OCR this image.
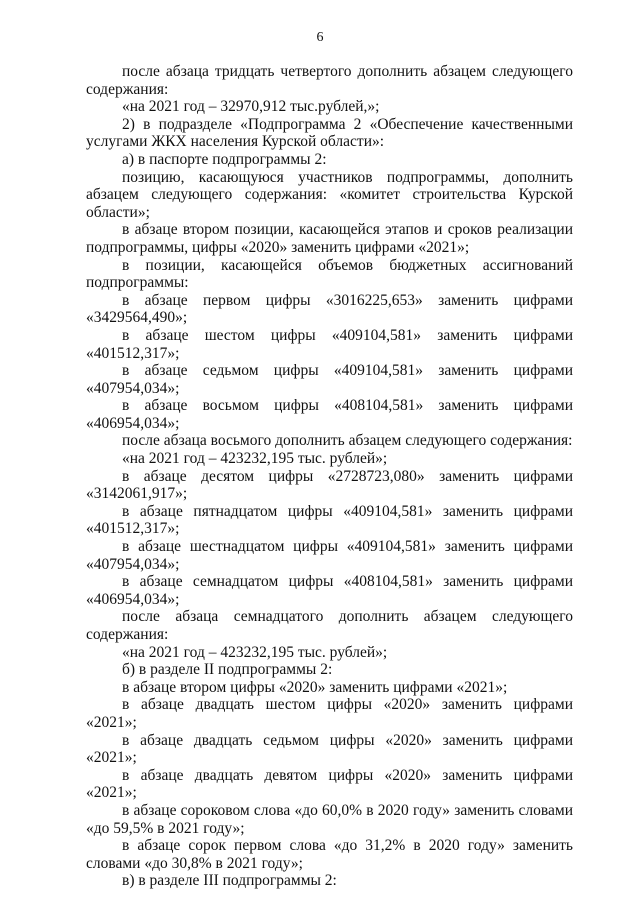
6

после абзаца тридцать четвертого дополнить абзацем следующего содержания:

«на 2021 год – 32970,912 тыс.рублей,»;

2) в подразделе «Подпрограмма 2 «Обеспечение качественными услугами ЖКХ населения Курской области»:

а) в паспорте подпрограммы 2:

позицию, касающуюся участников подпрограммы, дополнить абзацем следующего содержания: «комитет строительства Курской области»;

в абзаце втором позиции, касающейся этапов и сроков реализации подпрограммы, цифры «2020» заменить цифрами «2021»;

в позиции, касающейся объемов бюджетных ассигнований подпрограммы:

в абзаце первом цифры «3016225,653» заменить цифрами «3429564,490»;

в абзаце шестом цифры «409104,581» заменить цифрами «401512,317»;

в абзаце седьмом цифры «409104,581» заменить цифрами «407954,034»;

в абзаце восьмом цифры «408104,581» заменить цифрами «406954,034»;

после абзаца восьмого дополнить абзацем следующего содержания:

«на 2021 год – 423232,195 тыс. рублей»;

в абзаце десятом цифры «2728723,080» заменить цифрами «3142061,917»;

в абзаце пятнадцатом цифры «409104,581» заменить цифрами «401512,317»;

в абзаце шестнадцатом цифры «409104,581» заменить цифрами «407954,034»;

в абзаце семнадцатом цифры «408104,581» заменить цифрами «406954,034»;

после абзаца семнадцатого дополнить абзацем следующего содержания:

«на 2021 год – 423232,195 тыс. рублей»;

б) в разделе II подпрограммы 2:

в абзаце втором цифры «2020» заменить цифрами «2021»;

в абзаце двадцать шестом цифры «2020» заменить цифрами «2021»;

в абзаце двадцать седьмом цифры «2020» заменить цифрами «2021»;

в абзаце двадцать девятом цифры «2020» заменить цифрами «2021»;

в абзаце сороковом слова «до 60,0% в 2020 году» заменить словами «до 59,5% в 2021 году»;

в абзаце сорок первом слова «до 31,2% в 2020 году» заменить словами «до 30,8% в 2021 году»;

в) в разделе III подпрограммы 2:
